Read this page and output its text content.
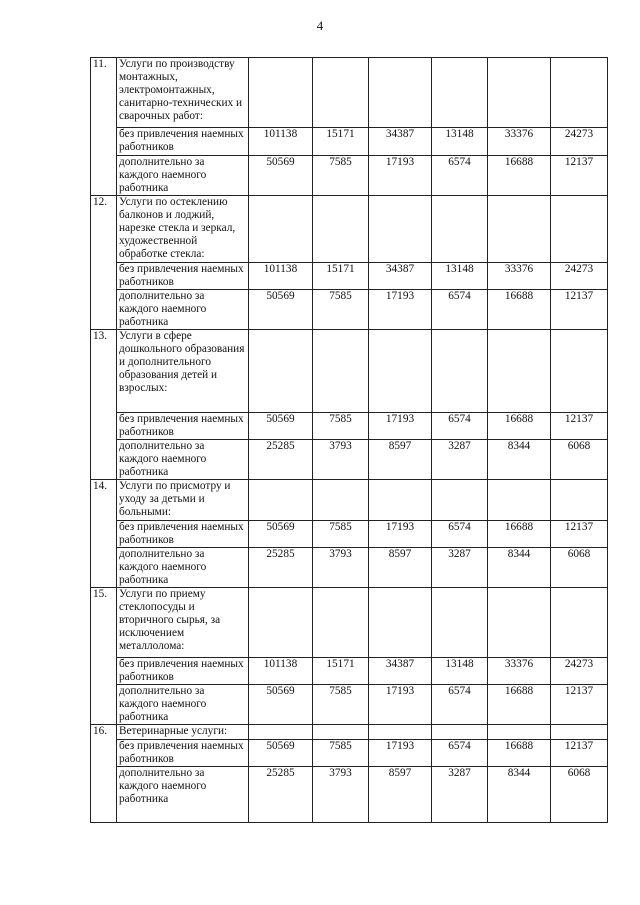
4
11.	Услуги по производству монтажных, электромонтажных, санитарно-технических и сварочных работ:						
	без привлечения наемных работников	101138	15171	34387	13148	33376	24273
	дополнительно за каждого наемного работника	50569	7585	17193	6574	16688	12137
12.	Услуги по остеклению балконов и лоджий, нарезке стекла и зеркал, художественной обработке стекла:						
	без привлечения наемных работников	101138	15171	34387	13148	33376	24273
	дополнительно за каждого наемного работника	50569	7585	17193	6574	16688	12137
13.	Услуги в сфере дошкольного образования и дополнительного образования детей и взрослых:						
	без привлечения наемных работников	50569	7585	17193	6574	16688	12137
	дополнительно за каждого наемного работника	25285	3793	8597	3287	8344	6068
14.	Услуги по присмотру и уходу за детьми и больными:						
	без привлечения наемных работников	50569	7585	17193	6574	16688	12137
	дополнительно за каждого наемного работника	25285	3793	8597	3287	8344	6068
15.	Услуги по приему стеклопосуды и вторичного сырья, за исключением металлолома:						
	без привлечения наемных работников	101138	15171	34387	13148	33376	24273
	дополнительно за каждого наемного работника	50569	7585	17193	6574	16688	12137
16.	Ветеринарные услуги:						
	без привлечения наемных работников	50569	7585	17193	6574	16688	12137
	дополнительно за каждого наемного работника	25285	3793	8597	3287	8344	6068
